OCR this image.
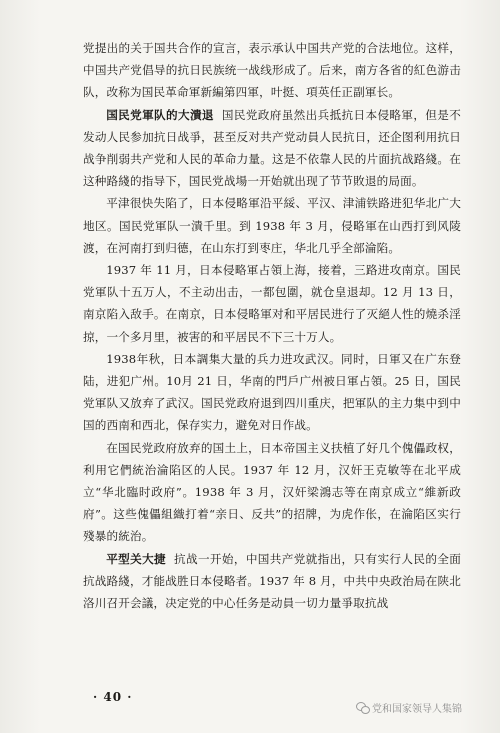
党提出的关于国共合作的宣言，表示承认中国共产党的合法地位。这样，中国共产党倡导的抗日民族统一战线形成了。后来，南方各省的紅色游击队，改称为国民革命軍新編第四軍，叶挺、項英任正副軍长。

国民党軍队的大潰退 国民党政府虽然出兵抵抗日本侵略軍，但是不发动人民参加抗日战爭，甚至反对共产党动員人民抗日，还企图利用抗日战争削弱共产党和人民的革命力量。这是不依靠人民的片面抗战路綫。在这种路綫的指导下，国民党战場一开始就出现了节节敗退的局面。

平津很快失陷了，日本侵略軍沿平綏、平汉、津浦铁路进犯华北广大地区。国民党軍队一潰千里。到 1938 年 3 月，侵略軍在山西打到风陵渡，在河南打到归德，在山东打到枣庄，华北几乎全部淪陷。

1937 年 11 月，日本侵略軍占領上海，接着，三路进攻南京。国民党軍队十五万人，不主动出击，一都包圍，就仓皇退却。12 月 13 日，南京陷入敌手。在南京，日本侵略軍对和平居民进行了灭絕人性的燒杀淫掠，一个多月里，被害的和平居民不下三十万人。

1938年秋，日本調集大量的兵力进攻武汉。同时，日軍又在广东登陆，进犯广州。10月 21 日，华南的門戶广州被日軍占領。25 日，国民党軍队又放弃了武汉。国民党政府退到四川重庆，把軍队的主力集中到中国的西南和西北，保存实力，避免对日作战。

在国民党政府放弃的国土上，日本帝国主义扶植了好几个傀儡政权，利用它們統治淪陷区的人民。1937 年 12 月，汉奸王克敏等在北平成立“华北臨时政府”。1938 年 3 月，汉奸梁鴻志等在南京成立“維新政府”。这些傀儡組織打着“亲日、反共”的招牌，为虎作伥，在淪陷区实行殘暴的統治。

平型关大捷 抗战一开始，中国共产党就指出，只有实行人民的全面抗战路綫，才能战胜日本侵略者。1937 年 8 月，中共中央政治局在陕北洛川召开会議，决定党的中心任务是动員一切力量爭取抗战

· 40 ·
党和国家领导人集锦
